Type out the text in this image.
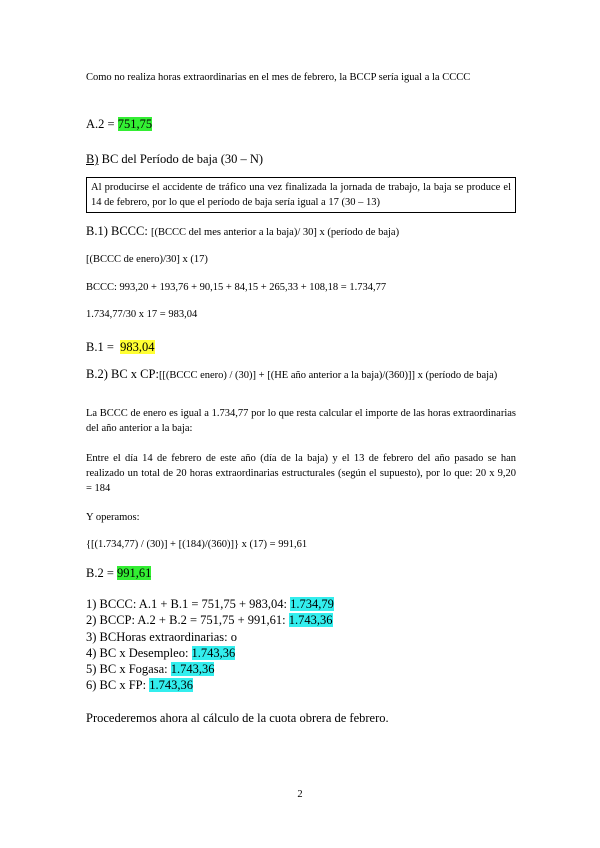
Como no realiza horas extraordinarias en el mes de febrero, la BCCP sería igual a la CCCC

A.2 = 751,75
B) BC del Período de baja (30 – N)
Al producirse el accidente de tráfico una vez finalizada la jornada de trabajo, la baja se produce el 14 de febrero, por lo que el período de baja sería igual a 17 (30 – 13)
B.1) BCCC: [(BCCC del mes anterior a la baja)/ 30] x (período de baja)
[(BCCC de enero)/30] x (17)
BCCC: 993,20 + 193,76 + 90,15 + 84,15 + 265,33 + 108,18 = 1.734,77
1.734,77/30 x 17 = 983,04
B.1 =  983,04
B.2) BC x CP:[[(BCCC enero) / (30)] + [(HE año anterior a la baja)/(360)]] x (período de baja)

La BCCC de enero es igual a 1.734,77 por lo que resta calcular el importe de las horas extraordinarias del año anterior a la baja:

Entre el día 14 de febrero de este año (día de la baja) y el 13 de febrero del año pasado se han realizado un total de 20 horas extraordinarias estructurales (según el supuesto), por lo que: 20 x 9,20 = 184

Y operamos:
{[(1.734,77) / (30)] + [(184)/(360)]} x (17) = 991,61
B.2 = 991,61
1) BCCC: A.1 + B.1 = 751,75 + 983,04: 1.734,79
2) BCCP: A.2 + B.2 = 751,75 + 991,61: 1.743,36
3) BCHoras extraordinarias: o
4) BC x Desempleo: 1.743,36
5) BC x Fogasa: 1.743,36
6) BC x FP: 1.743,36
Procederemos ahora al cálculo de la cuota obrera de febrero.
2
